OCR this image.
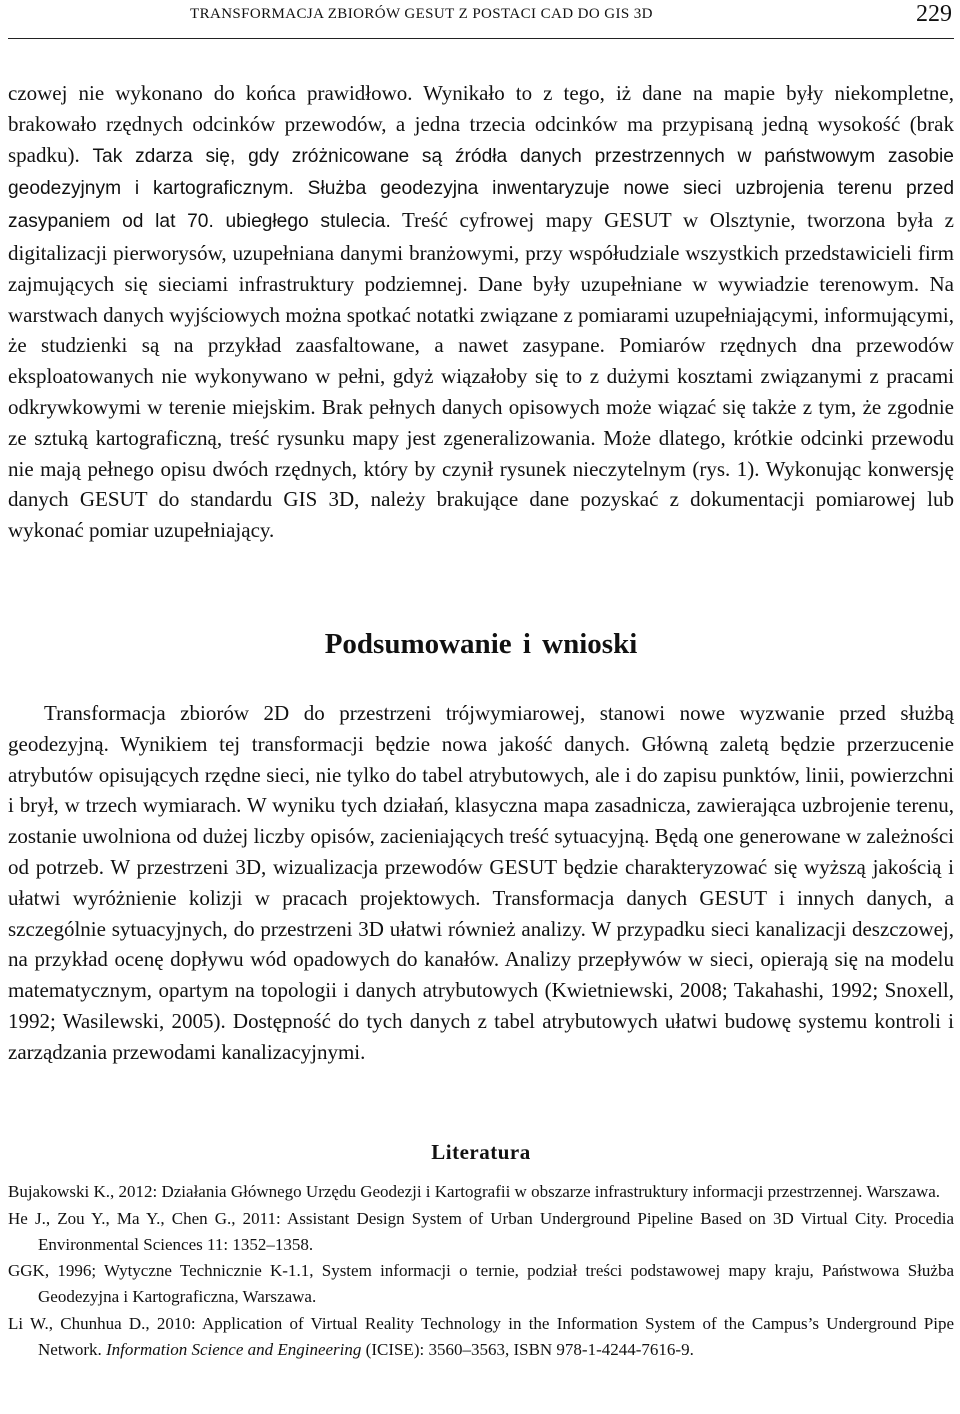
TRANSFORMACJA ZBIORÓW GESUT Z POSTACI CAD DO GIS 3D	229

czowej nie wykonano do końca prawidłowo. Wynikało to z tego, iż dane na mapie były niekompletne, brakowało rzędnych odcinków przewodów, a jedna trzecia odcinków ma przypisaną jedną wysokość (brak spadku). Tak zdarza się, gdy zróżnicowane są źródła danych przestrzennych w państwowym zasobie geodezyjnym i kartograficznym. Służba geodezyjna inwentaryzuje nowe sieci uzbrojenia terenu przed zasypaniem od lat 70. ubiegłego stulecia. Treść cyfrowej mapy GESUT w Olsztynie, tworzona była z digitalizacji pierworysów, uzupełniana danymi branżowymi, przy współudziale wszystkich przedstawicieli firm zajmujących się sieciami infrastruktury podziemnej. Dane były uzupełniane w wywiadzie terenowym. Na warstwach danych wyjściowych można spotkać notatki związane z pomiarami uzupełniającymi, informującymi, że studzienki są na przykład zaasfaltowane, a nawet zasypane. Pomiarów rzędnych dna przewodów eksploatowanych nie wykonywano w pełni, gdyż wiązałoby się to z dużymi kosztami związanymi z pracami odkrywkowymi w terenie miejskim. Brak pełnych danych opisowych może wiązać się także z tym, że zgodnie ze sztuką kartograficzną, treść rysunku mapy jest zgeneralizowania. Może dlatego, krótkie odcinki przewodu nie mają pełnego opisu dwóch rzędnych, który by czynił rysunek nieczytelnym (rys. 1). Wykonując konwersję danych GESUT do standardu GIS 3D, należy brakujące dane pozyskać z dokumentacji pomiarowej lub wykonać pomiar uzupełniający.

Podsumowanie i wnioski

Transformacja zbiorów 2D do przestrzeni trójwymiarowej, stanowi nowe wyzwanie przed służbą geodezyjną. Wynikiem tej transformacji będzie nowa jakość danych. Główną zaletą będzie przerzucenie atrybutów opisujących rzędne sieci, nie tylko do tabel atrybutowych, ale i do zapisu punktów, linii, powierzchni i brył, w trzech wymiarach. W wyniku tych działań, klasyczna mapa zasadnicza, zawierająca uzbrojenie terenu, zostanie uwolniona od dużej liczby opisów, zacieniających treść sytuacyjną. Będą one generowane w zależności od potrzeb. W przestrzeni 3D, wizualizacja przewodów GESUT będzie charakteryzować się wyższą jakością i ułatwi wyróżnienie kolizji w pracach projektowych. Transformacja danych GESUT i innych danych, a szczególnie sytuacyjnych, do przestrzeni 3D ułatwi również analizy. W przypadku sieci kanalizacji deszczowej, na przykład ocenę dopływu wód opadowych do kanałów. Analizy przepływów w sieci, opierają się na modelu matematycznym, opartym na topologii i danych atrybutowych (Kwietniewski, 2008; Takahashi, 1992; Snoxell, 1992; Wasilewski, 2005). Dostępność do tych danych z tabel atrybutowych ułatwi budowę systemu kontroli i zarządzania przewodami kanalizacyjnymi.

Literatura
Bujakowski K., 2012: Działania Głównego Urzędu Geodezji i Kartografii w obszarze infrastruktury informacji przestrzennej. Warszawa.
He J., Zou Y., Ma Y., Chen G., 2011: Assistant Design System of Urban Underground Pipeline Based on 3D Virtual City. Procedia Environmental Sciences 11: 1352–1358.
GGK, 1996; Wytyczne Technicznie K-1.1, System informacji o ternie, podział treści podstawowej mapy kraju, Państwowa Służba Geodezyjna i Kartograficzna, Warszawa.
Li W., Chunhua D., 2010: Application of Virtual Reality Technology in the Information System of the Campus’s Underground Pipe Network. Information Science and Engineering (ICISE): 3560–3563, ISBN 978-1-4244-7616-9.
